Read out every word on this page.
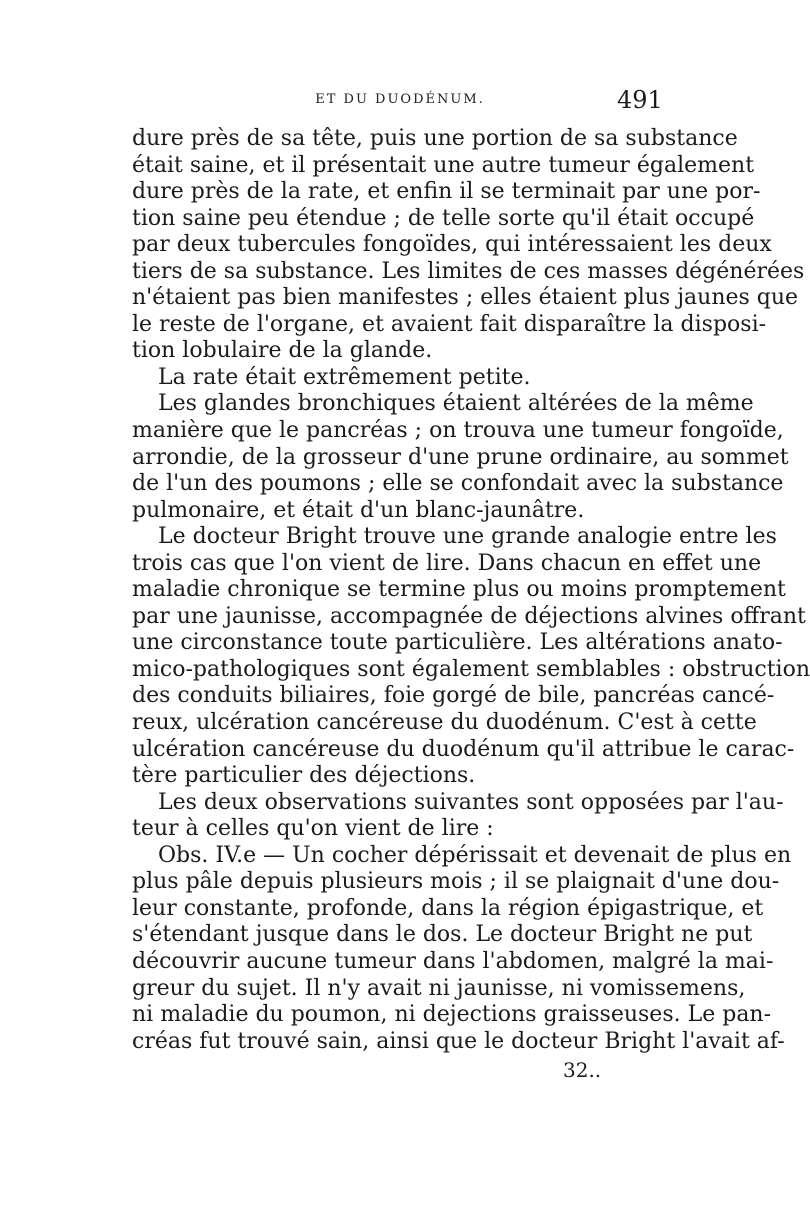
ET DU DUODÉNUM.	491
dure près de sa tête, puis une portion de sa substance
était saine, et il présentait une autre tumeur également
dure près de la rate, et enfin il se terminait par une por-
tion saine peu étendue ; de telle sorte qu'il était occupé
par deux tubercules fongoïdes, qui intéressaient les deux
tiers de sa substance. Les limites de ces masses dégénérées
n'étaient pas bien manifestes ; elles étaient plus jaunes que
le reste de l'organe, et avaient fait disparaître la disposi-
tion lobulaire de la glande.
La rate était extrêmement petite.
Les glandes bronchiques étaient altérées de la même
manière que le pancréas ; on trouva une tumeur fongoïde,
arrondie, de la grosseur d'une prune ordinaire, au sommet
de l'un des poumons ; elle se confondait avec la substance
pulmonaire, et était d'un blanc-jaunâtre.
Le docteur Bright trouve une grande analogie entre les
trois cas que l'on vient de lire. Dans chacun en effet une
maladie chronique se termine plus ou moins promptement
par une jaunisse, accompagnée de déjections alvines offrant
une circonstance toute particulière. Les altérations anato-
mico-pathologiques sont également semblables : obstruction
des conduits biliaires, foie gorgé de bile, pancréas cancé-
reux, ulcération cancéreuse du duodénum. C'est à cette
ulcération cancéreuse du duodénum qu'il attribue le carac-
tère particulier des déjections.
Les deux observations suivantes sont opposées par l'au-
teur à celles qu'on vient de lire :
Obs. IV.e — Un cocher dépérissait et devenait de plus en
plus pâle depuis plusieurs mois ; il se plaignait d'une dou-
leur constante, profonde, dans la région épigastrique, et
s'étendant jusque dans le dos. Le docteur Bright ne put
découvrir aucune tumeur dans l'abdomen, malgré la mai-
greur du sujet. Il n'y avait ni jaunisse, ni vomissemens,
ni maladie du poumon, ni dejections graisseuses. Le pan-
créas fut trouvé sain, ainsi que le docteur Bright l'avait af-
32..
